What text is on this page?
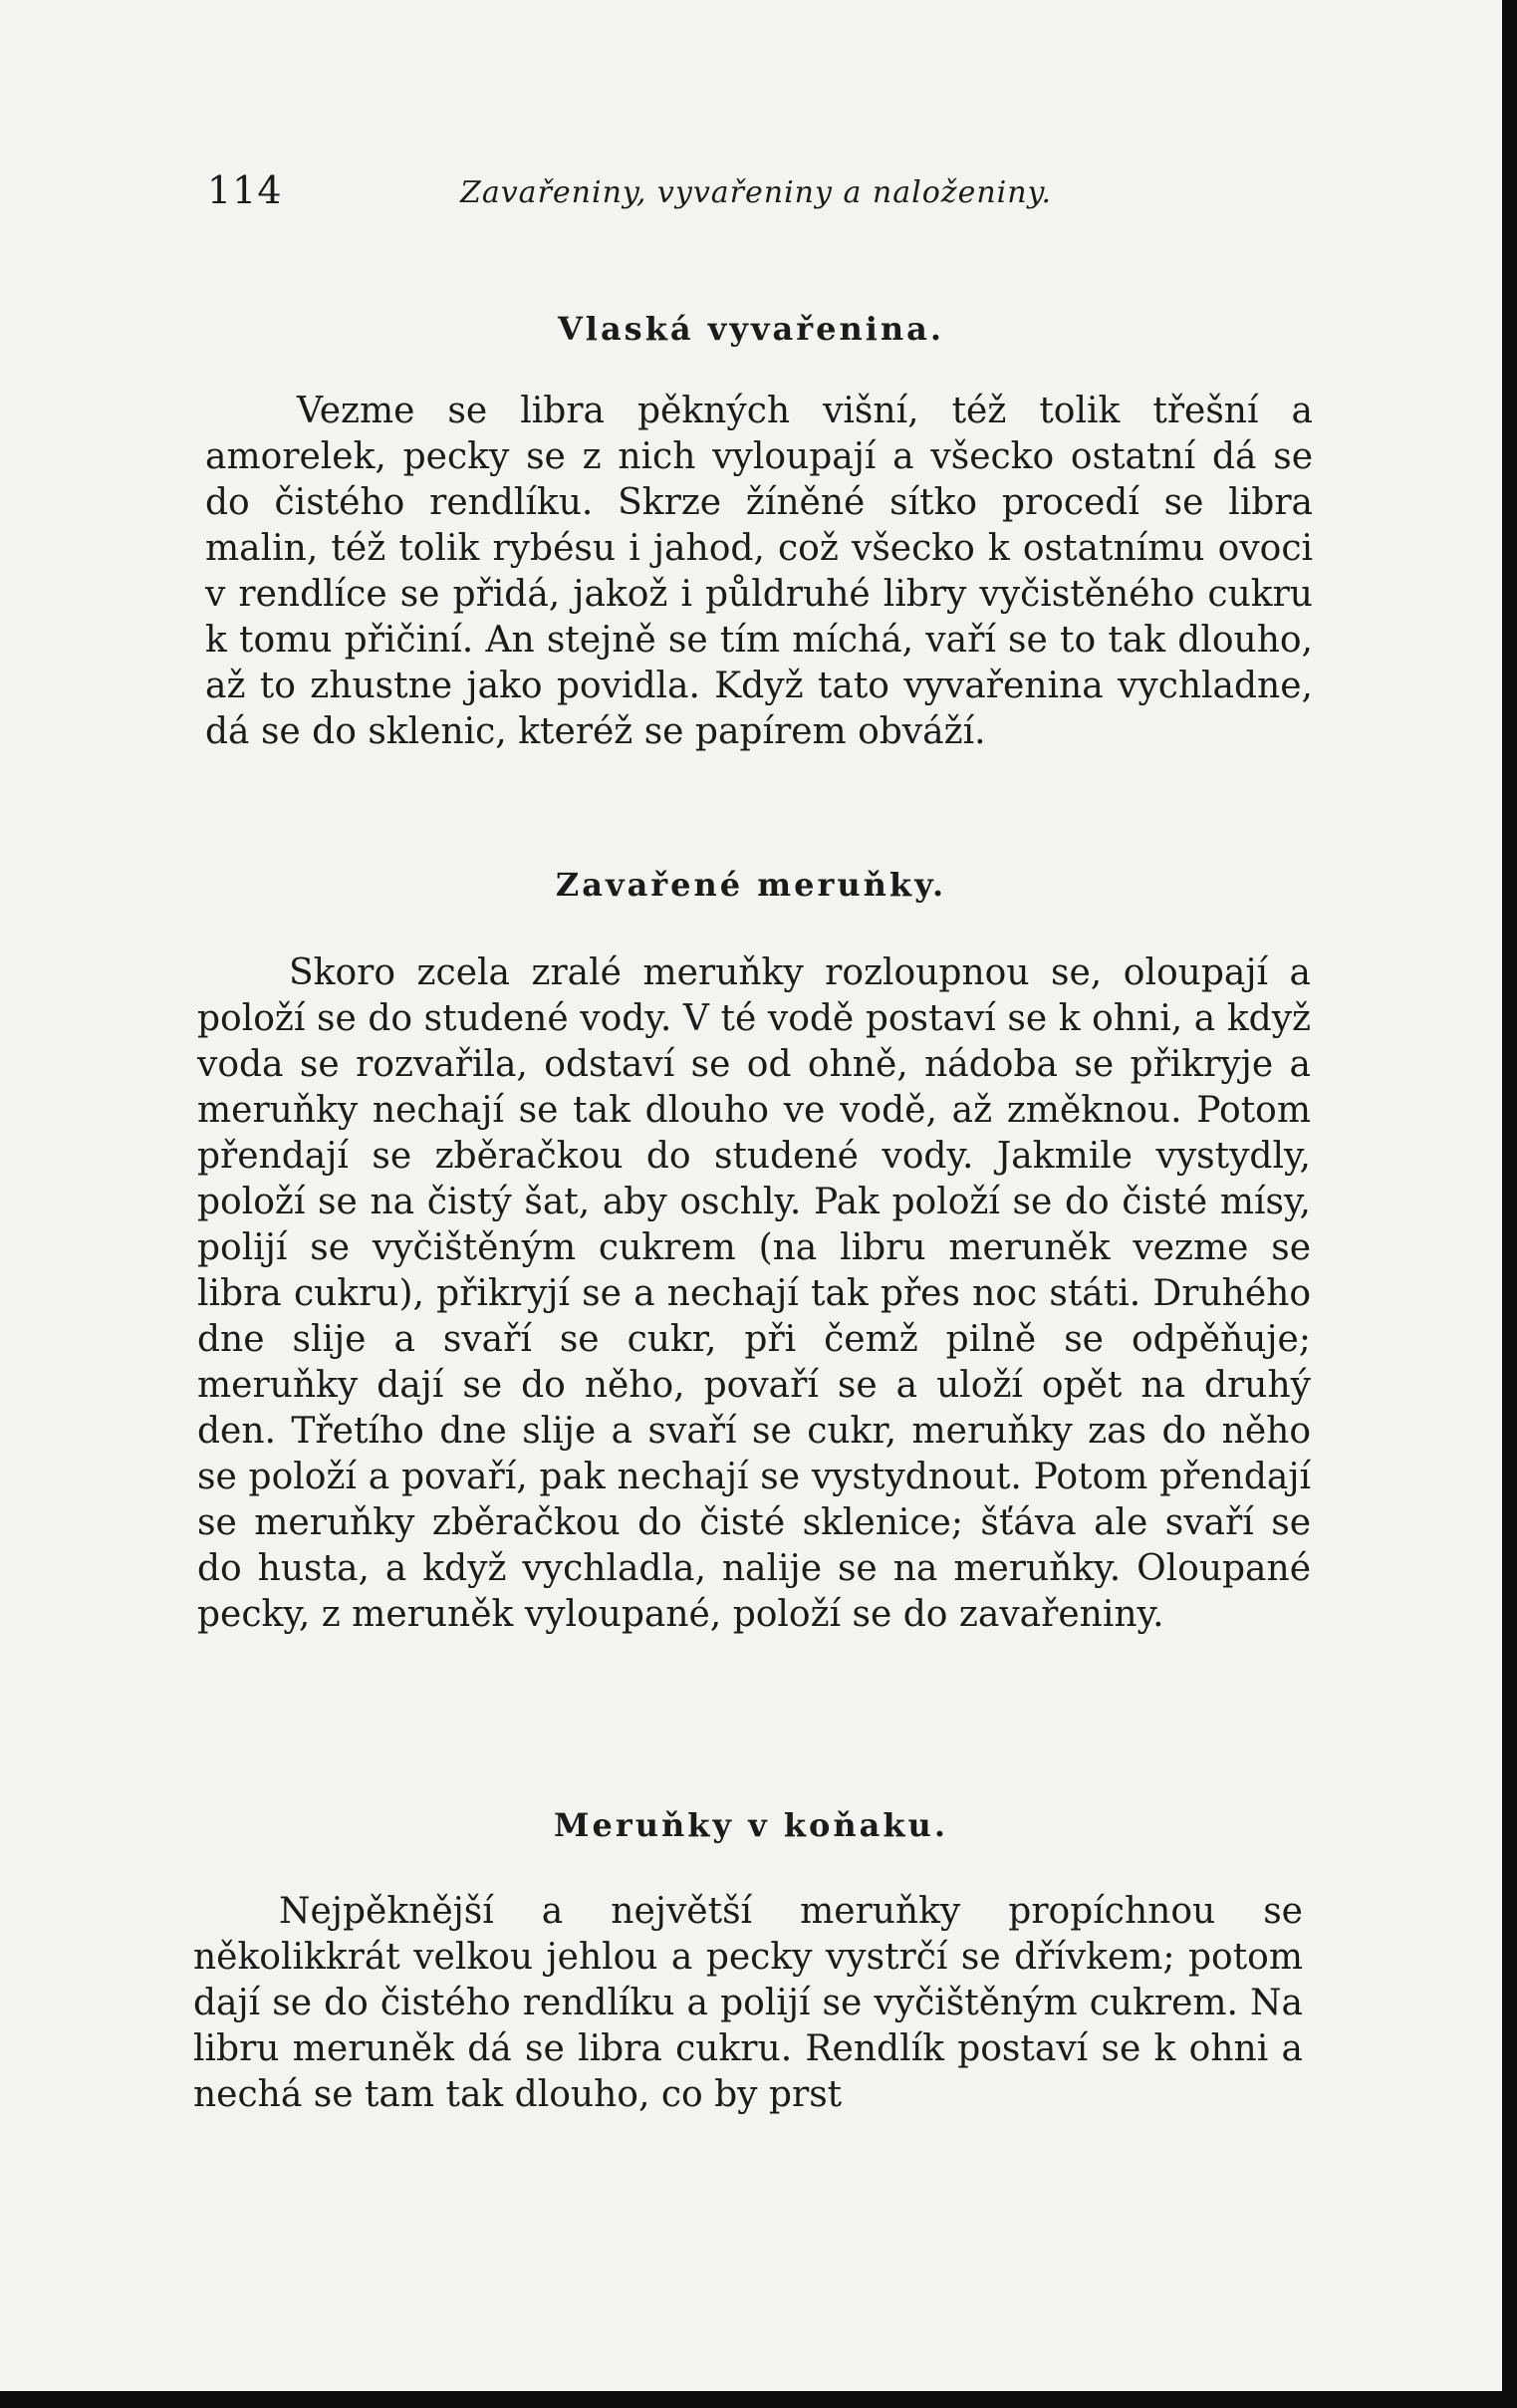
114	Zavařeniny, vyvařeniny a naloženiny.
Vlaská vyvařenina.

Vezme se libra pěkných višní, též tolik třešní a amorelek, pecky se z nich vyloupají a všecko ostatní dá se do čistého rendlíku. Skrze žíněné sítko procedí se libra malin, též tolik rybésu i jahod, což všecko k ostatnímu ovoci v rendlíce se přidá, jakož i půldruhé libry vyčistěného cukru k tomu přičiní. An stejně se tím míchá, vaří se to tak dlouho, až to zhustne jako povidla. Když tato vyvařenina vychladne, dá se do sklenic, kteréž se papírem obváží.

Zavařené meruňky.

Skoro zcela zralé meruňky rozloupnou se, oloupají a položí se do studené vody. V té vodě postaví se k ohni, a když voda se rozvařila, odstaví se od ohně, nádoba se přikryje a meruňky nechají se tak dlouho ve vodě, až změknou. Potom přendají se zběračkou do studené vody. Jakmile vystydly, položí se na čistý šat, aby oschly. Pak položí se do čisté mísy, polijí se vyčištěným cukrem (na libru meruněk vezme se libra cukru), přikryjí se a nechají tak přes noc státi. Druhého dne slije a svaří se cukr, při čemž pilně se odpěňuje; meruňky dají se do něho, povaří se a uloží opět na druhý den. Třetího dne slije a svaří se cukr, meruňky zas do něho se položí a povaří, pak nechají se vystydnout. Potom přendají se meruňky zběračkou do čisté sklenice; šťáva ale svaří se do husta, a když vychladla, nalije se na meruňky. Oloupané pecky, z meruněk vyloupané, položí se do zavařeniny.

Meruňky v koňaku.

Nejpěknější a největší meruňky propíchnou se několikkrát velkou jehlou a pecky vystrčí se dřívkem; potom dají se do čistého rendlíku a polijí se vyčištěným cukrem. Na libru meruněk dá se libra cukru. Rendlík postaví se k ohni a nechá se tam tak dlouho, co by prst
